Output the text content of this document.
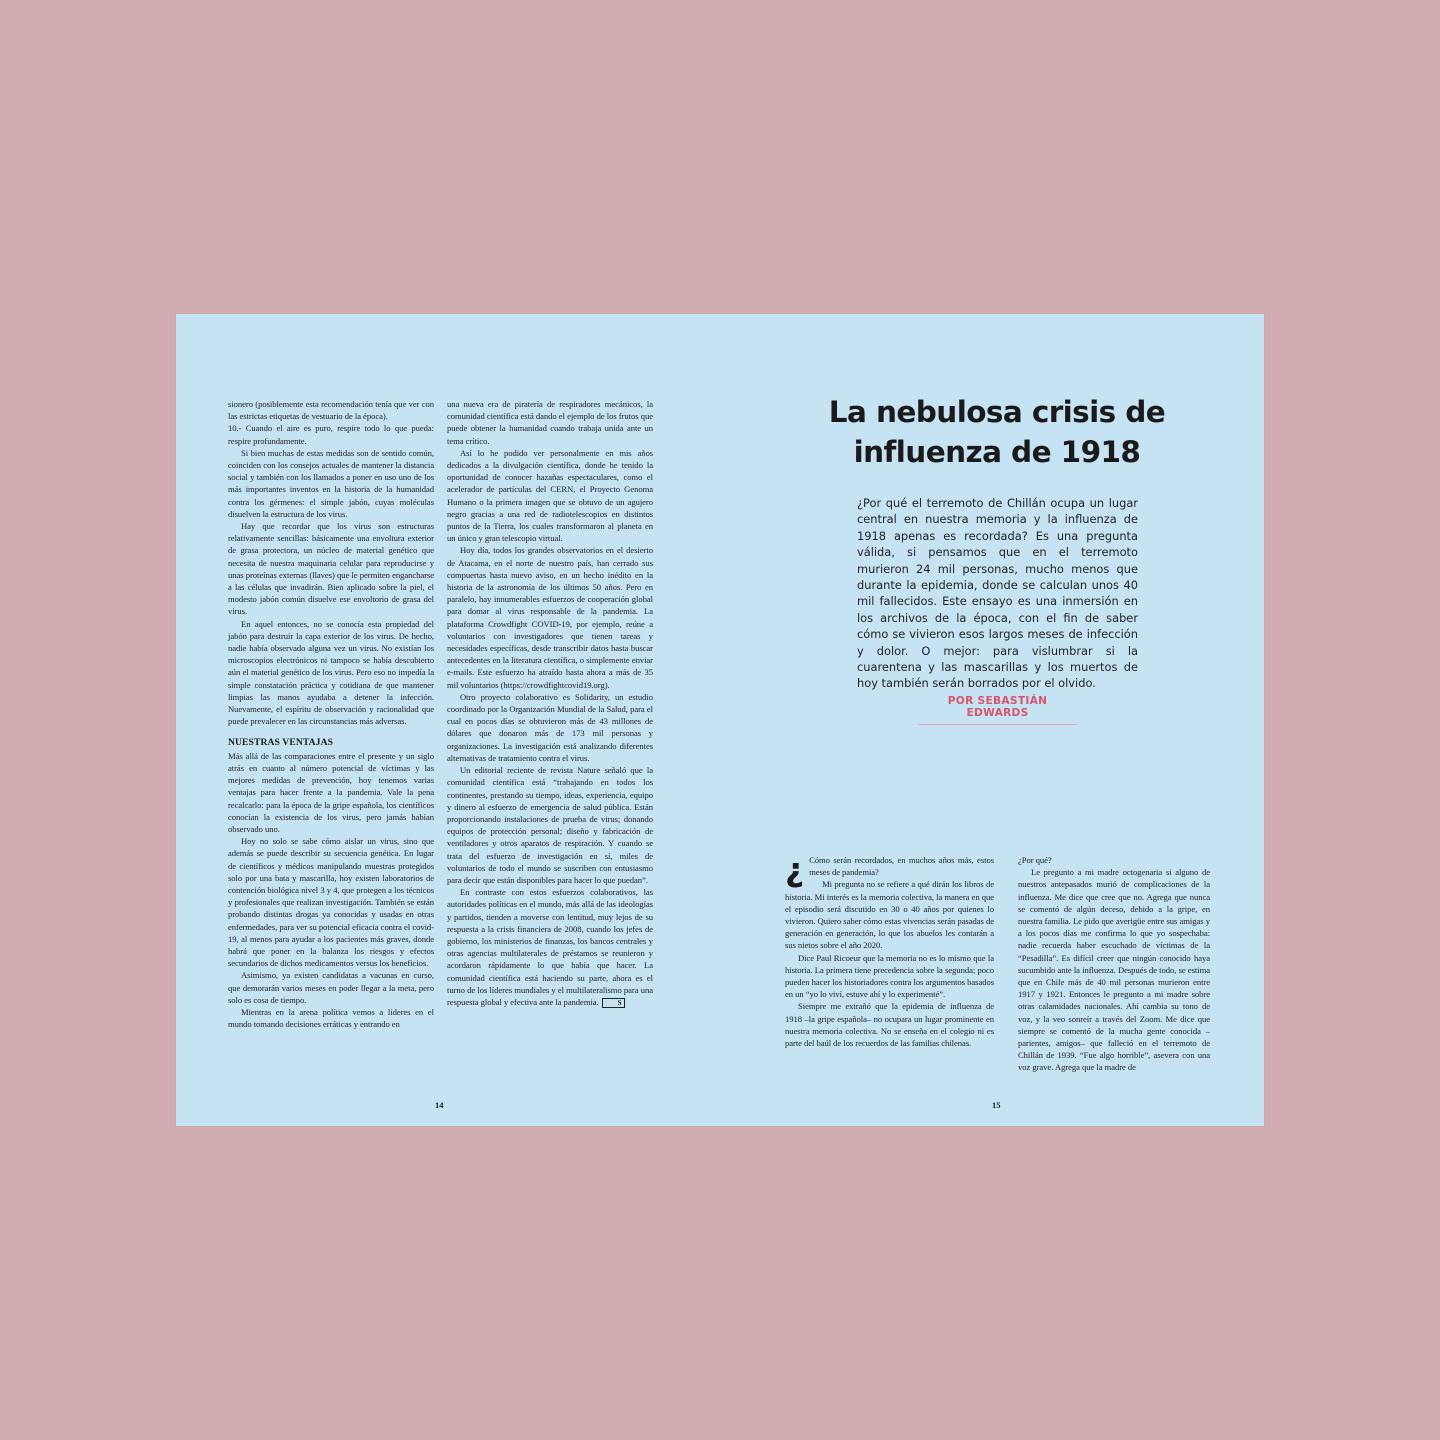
sionero (posiblemente esta recomendación tenía que ver con las estrictas etiquetas de vestuario de la época).

10.- Cuando el aire es puro, respire todo lo que pueda: respire profundamente.

Si bien muchas de estas medidas son de sentido común, coinciden con los consejos actuales de mantener la distancia social y también con los llamados a poner en uso uno de los más importantes inventos en la historia de la humanidad contra los gérmenes: el simple jabón, cuyas moléculas disuelven la estructura de los virus.

Hay que recordar que los virus son estructuras relativamente sencillas: básicamente una envoltura exterior de grasa protectora, un núcleo de material genético que necesita de nuestra maquinaria celular para reproducirse y unas proteínas externas (llaves) que le permiten engancharse a las células que invadirán. Bien aplicado sobre la piel, el modesto jabón común disuelve ese envoltorio de grasa del virus.

En aquel entonces, no se conocía esta propiedad del jabón para destruir la capa exterior de los virus. De hecho, nadie había observado alguna vez un virus. No existían los microscopios electrónicos ni tampoco se había descubierto aún el material genético de los virus. Pero eso no impedía la simple constatación práctica y cotidiana de que mantener limpias las manos ayudaba a detener la infección. Nuevamente, el espíritu de observación y racionalidad que puede prevalecer en las circunstancias más adversas.

NUESTRAS VENTAJAS

Más allá de las comparaciones entre el presente y un siglo atrás en cuanto al número potencial de víctimas y las mejores medidas de prevención, hoy tenemos varias ventajas para hacer frente a la pandemia. Vale la pena recalcarlo: para la época de la gripe española, los científicos conocían la existencia de los virus, pero jamás habían observado uno.

Hoy no solo se sabe cómo aislar un virus, sino que además se puede describir su secuencia genética. En lugar de científicos y médicos manipulando muestras protegidos solo por una bata y mascarilla, hoy existen laboratorios de contención biológica nivel 3 y 4, que protegen a los técnicos y profesionales que realizan investigación. También se están probando distintas drogas ya conocidas y usadas en otras enfermedades, para ver su potencial eficacia contra el covid-19, al menos para ayudar a los pacientes más graves, donde habrá que poner en la balanza los riesgos y efectos secundarios de dichos medicamentos versus los beneficios.

Asimismo, ya existen candidatas a vacunas en curso, que demorarán varios meses en poder llegar a la meta, pero solo es cosa de tiempo.

Mientras en la arena política vemos a líderes en el mundo tomando decisiones erráticas y entrando en

una nueva era de piratería de respiradores mecánicos, la comunidad científica está dando el ejemplo de los frutos que puede obtener la humanidad cuando trabaja unida ante un tema crítico.

Así lo he podido ver personalmente en mis años dedicados a la divulgación científica, donde he tenido la oportunidad de conocer hazañas espectaculares, como el acelerador de partículas del CERN, el Proyecto Genoma Humano o la primera imagen que se obtuvo de un agujero negro gracias a una red de radiotelescopios en distintos puntos de la Tierra, los cuales transformaron al planeta en un único y gran telescopio virtual.

Hoy día, todos los grandes observatorios en el desierto de Atacama, en el norte de nuestro país, han cerrado sus compuertas hasta nuevo aviso, en un hecho inédito en la historia de la astronomía de los últimos 50 años. Pero en paralelo, hay innumerables esfuerzos de cooperación global para domar al virus responsable de la pandemia. La plataforma Crowdfight COVID-19, por ejemplo, reúne a voluntarios con investigadores que tienen tareas y necesidades específicas, desde transcribir datos hasta buscar antecedentes en la literatura científica, o simplemente enviar e-mails. Este esfuerzo ha atraído hasta ahora a más de 35 mil voluntarios (https://crowdfightcovid19.org).

Otro proyecto colaborativo es Solidarity, un estudio coordinado por la Organización Mundial de la Salud, para el cual en pocos días se obtuvieron más de 43 millones de dólares que donaron más de 173 mil personas y organizaciones. La investigación está analizando diferentes alternativas de tratamiento contra el virus.

Un editorial reciente de revista Nature señaló que la comunidad científica está “trabajando en todos los continentes, prestando su tiempo, ideas, experiencia, equipo y dinero al esfuerzo de emergencia de salud pública. Están proporcionando instalaciones de prueba de virus; donando equipos de protección personal; diseño y fabricación de ventiladores y otros aparatos de respiración. Y cuando se trata del esfuerzo de investigación en sí, miles de voluntarios de todo el mundo se suscriben con entusiasmo para decir que están disponibles para hacer lo que puedan”.

En contraste con estos esfuerzos colaborativos, las autoridades políticas en el mundo, más allá de las ideologías y partidos, tienden a moverse con lentitud, muy lejos de su respuesta a la crisis financiera de 2008, cuando los jefes de gobierno, los ministerios de finanzas, los bancos centrales y otras agencias multilaterales de préstamos se reunieron y acordaron rápidamente lo que había que hacer. La comunidad científica está haciendo su parte, ahora es el turno de los líderes mundiales y el multilateralismo para una respuesta global y efectiva ante la pandemia.	S

14
La nebulosa crisis de influenza de 1918
¿Por qué el terremoto de Chillán ocupa un lugar central en nuestra memoria y la influenza de 1918 apenas es recordada? Es una pregunta válida, si pensamos que en el terremoto murieron 24 mil personas, mucho menos que durante la epidemia, donde se calculan unos 40 mil fallecidos. Este ensayo es una inmersión en los archivos de la época, con el fin de saber cómo se vivieron esos largos meses de infección y dolor. O mejor: para vislumbrar si la cuarentena y las mascarillas y los muertos de hoy también serán borrados por el olvido.
POR SEBASTIÁN EDWARDS

¿ Cómo serán recordados, en muchos años más, estos meses de pandemia?

Mi pregunta no se refiere a qué dirán los libros de historia. Mi interés es la memoria colectiva, la manera en que el episodio será discutido en 30 o 40 años por quienes lo vivieron. Quiero saber cómo estas vivencias serán pasadas de generación en generación, lo que los abuelos les contarán a sus nietos sobre el año 2020.

Dice Paul Ricoeur que la memoria no es lo mismo que la historia. La primera tiene precedencia sobre la segunda; poco pueden hacer los historiadores contra los argumentos basados en un “yo lo viví, estuve ahí y lo experimenté”.

Siempre me extrañó que la epidemia de influenza de 1918 –la gripe española– no ocupara un lugar prominente en nuestra memoria colectiva. No se enseña en el colegio ni es parte del baúl de los recuerdos de las familias chilenas.

¿Por qué?

Le pregunto a mi madre octogenaria si alguno de nuestros antepasados murió de complicaciones de la influenza. Me dice que cree que no. Agrega que nunca se comentó de algún deceso, debido a la gripe, en nuestra familia. Le pido que averigüe entre sus amigas y a los pocos días me confirma lo que yo sospechaba: nadie recuerda haber escuchado de víctimas de la “Pesadilla”. Es difícil creer que ningún conocido haya sucumbido ante la influenza. Después de todo, se estima que en Chile más de 40 mil personas murieron entre 1917 y 1921. Entonces le pregunto a mi madre sobre otras calamidades nacionales. Ahí cambia su tono de voz, y la veo sonreír a través del Zoom. Me dice que siempre se comentó de la mucha gente conocida –parientes, amigos– que falleció en el terremoto de Chillán de 1939. “Fue algo horrible”, asevera con una voz grave. Agrega que la madre de

15
